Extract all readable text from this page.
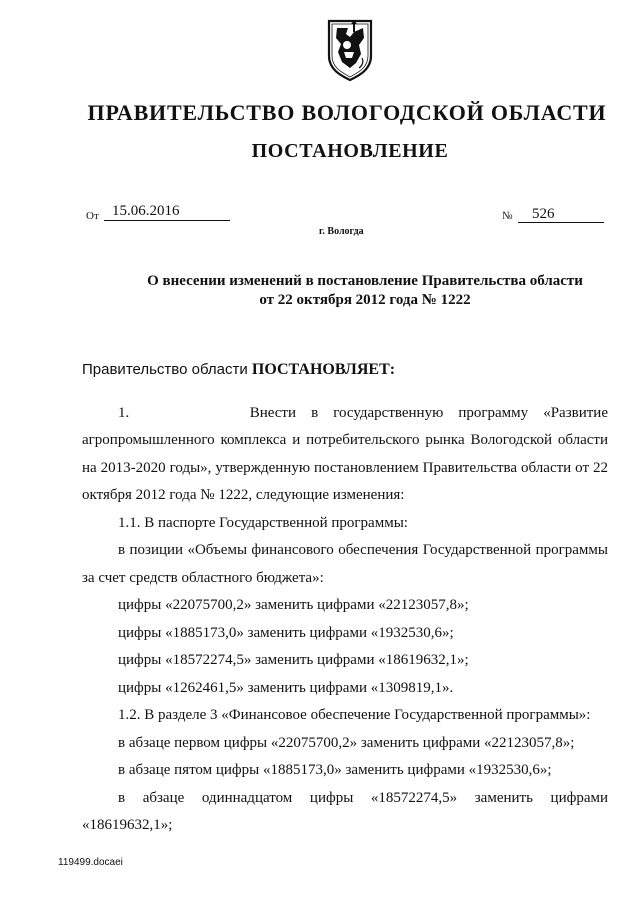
ПРАВИТЕЛЬСТВО ВОЛОГОДСКОЙ ОБЛАСТИ
ПОСТАНОВЛЕНИЕ
От 15.06.2016	№	526
г. Вологда
О внесении изменений в постановление Правительства области
от 22 октября 2012 года № 1222

Правительство области ПОСТАНОВЛЯЕТ:

1.	Внести в государственную программу «Развитие агропромышленного комплекса и потребительского рынка Вологодской области на 2013-2020 годы», утвержденную постановлением Правительства области от 22 октября 2012 года № 1222, следующие изменения:

1.1. В паспорте Государственной программы:

в позиции «Объемы финансового обеспечения Государственной программы за счет средств областного бюджета»:

цифры «22075700,2» заменить цифрами «22123057,8»;

цифры «1885173,0» заменить цифрами «1932530,6»;

цифры «18572274,5» заменить цифрами «18619632,1»;

цифры «1262461,5» заменить цифрами «1309819,1».

1.2. В разделе 3 «Финансовое обеспечение Государственной программы»:

в абзаце первом цифры «22075700,2» заменить цифрами «22123057,8»;

в абзаце пятом цифры «1885173,0» заменить цифрами «1932530,6»;

в абзаце одиннадцатом цифры «18572274,5» заменить цифрами

«18619632,1»;

119499.docaei
